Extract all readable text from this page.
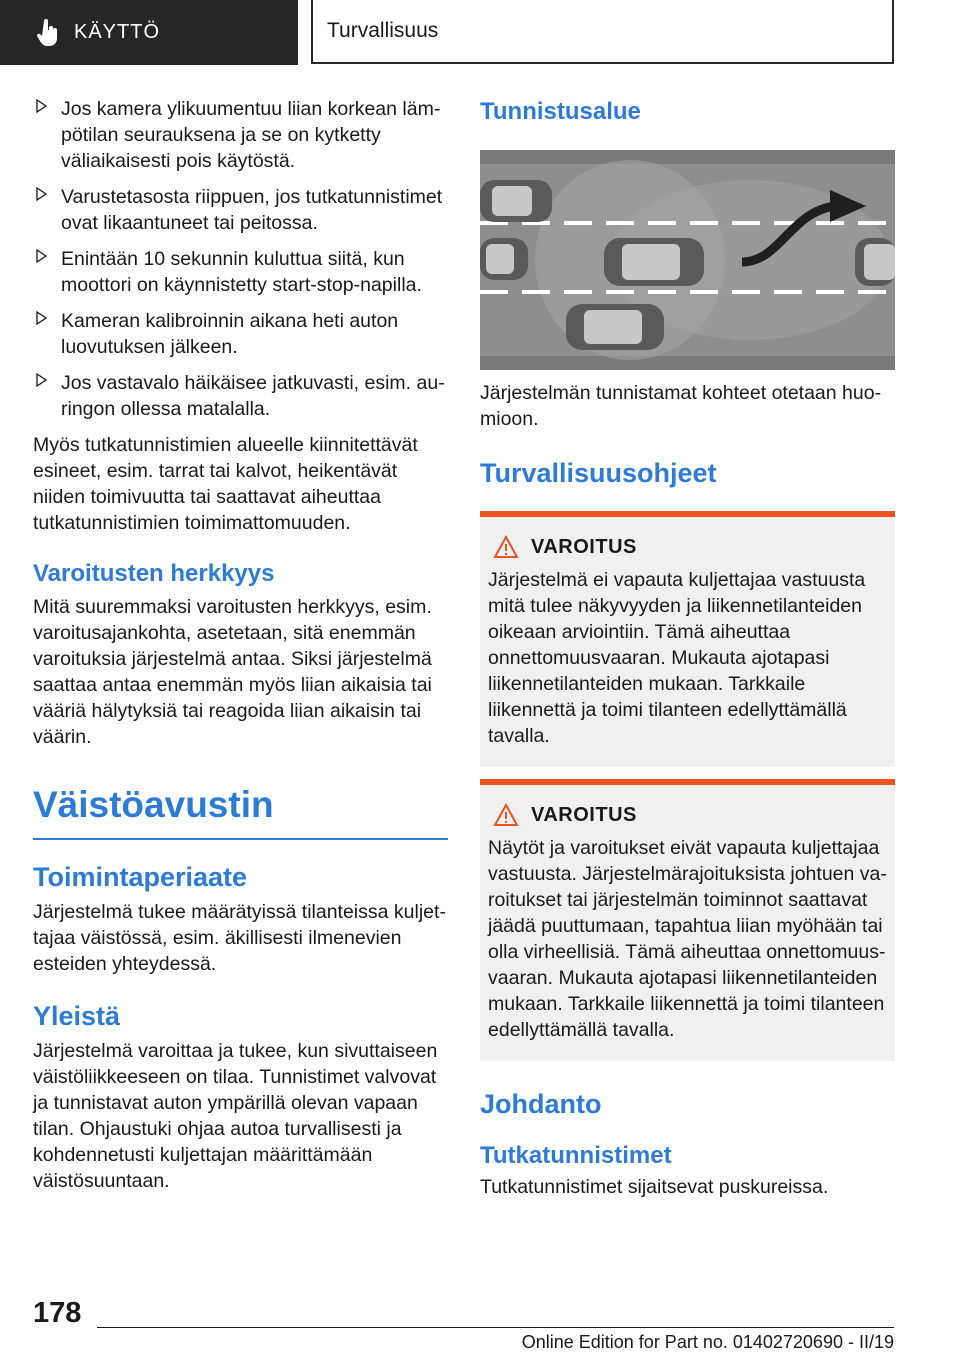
KÄYTTÖ	Turvallisuus
Jos kamera ylikuumentuu liian korkean lämpötilan seurauksena ja se on kytketty väliaikaisesti pois käytöstä.
Varustetasosta riippuen, jos tutkatunnistimet ovat likaantuneet tai peitossa.
Enintään 10 sekunnin kuluttua siitä, kun moottori on käynnistetty start-stop-napilla.
Kameran kalibroinnin aikana heti auton luovutuksen jälkeen.
Jos vastavalo häikäisee jatkuvasti, esim. auringon ollessa matalalla.

Myös tutkatunnistimien alueelle kiinnitettävät esineet, esim. tarrat tai kalvot, heikentävät niiden toimivuutta tai saattavat aiheuttaa tutkatunnistimien toimimattomuuden.

Varoitusten herkkyys

Mitä suuremmaksi varoitusten herkkyys, esim. varoitusajankohta, asetetaan, sitä enemmän varoituksia järjestelmä antaa. Siksi järjestelmä saattaa antaa enemmän myös liian aikaisia tai vääriä hälytyksiä tai reagoida liian aikaisin tai väärin.

Väistöavustin
Toimintaperiaate

Järjestelmä tukee määrätyissä tilanteissa kuljettajaa väistössä, esim. äkillisesti ilmenevien esteiden yhteydessä.

Yleistä

Järjestelmä varoittaa ja tukee, kun sivuttaiseen väistöliikkeeseen on tilaa. Tunnistimet valvovat ja tunnistavat auton ympärillä olevan vapaan tilan. Ohjaustuki ohjaa autoa turvallisesti ja kohdennetusti kuljettajan määrittämään väistösuuntaan.

Tunnistusalue

Järjestelmän tunnistamat kohteet otetaan huomioon.

Turvallisuusohjeet
VAROITUS

Järjestelmä ei vapauta kuljettajaa vastuusta mitä tulee näkyvyyden ja liikennetilanteiden oikeaan arviointiin. Tämä aiheuttaa onnettomuusvaaran. Mukauta ajotapasi liikennetilanteiden mukaan. Tarkkaile liikennettä ja toimi tilanteen edellyttämällä tavalla.

VAROITUS

Näytöt ja varoitukset eivät vapauta kuljettajaa vastuusta. Järjestelmärajoituksista johtuen varoitukset tai järjestelmän toiminnot saattavat jäädä puuttumaan, tapahtua liian myöhään tai olla virheellisiä. Tämä aiheuttaa onnettomuusvaaran. Mukauta ajotapasi liikennetilanteiden mukaan. Tarkkaile liikennettä ja toimi tilanteen edellyttämällä tavalla.

Johdanto
Tutkatunnistimet

Tutkatunnistimet sijaitsevat puskureissa.

178
Online Edition for Part no. 01402720690 - II/19
